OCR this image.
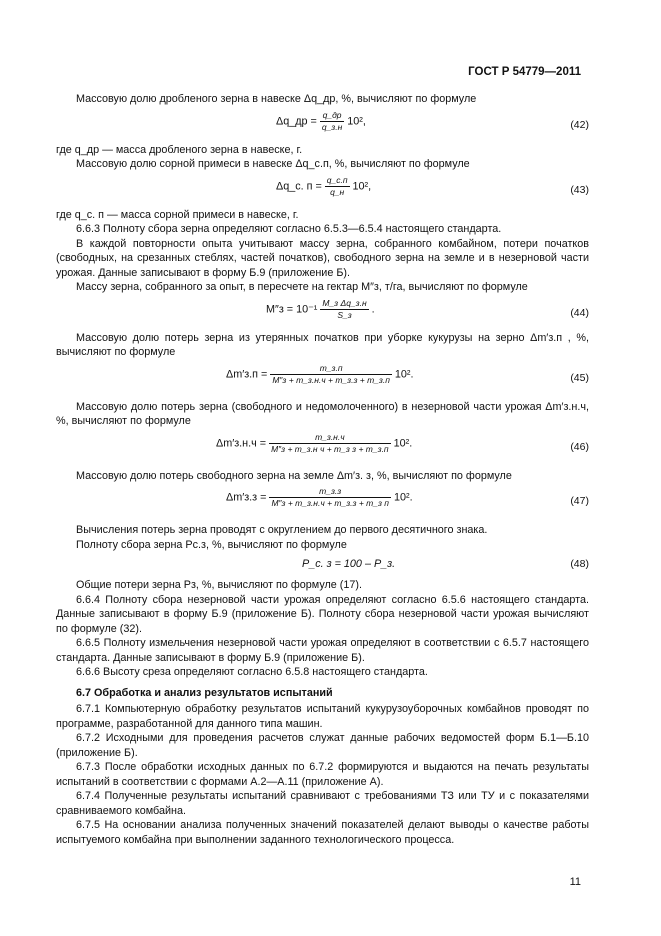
ГОСТ Р 54779—2011

Массовую долю дробленого зерна в навеске Δq_др, %, вычисляют по формуле

Δq_др = $\frac{q\_др}{q\_з.н} 10^2$,	(42)

где q_др — масса дробленого зерна в навеске, г.

Массовую долю сорной примеси в навеске Δq_с.п, %, вычисляют по формуле

Δq_с. $п = \frac{q\_с.п}{q\_н} 10^2$,	(43)

где q_с. п — масса сорной примеси в навеске, г.

6.6.3 Полноту сбора зерна определяют согласно 6.5.3—6.5.4 настоящего стандарта.

В каждой повторности опыта учитывают массу зерна, собранного комбайном, потери початков (свободных, на срезанных стеблях, частей початков), свободного зерна на земле и в незерновой части урожая. Данные записывают в форму Б.9 (приложение Б).

Массу зерна, собранного за опыт, в пересчете на гектар M″з, т/га, вычисляют по формуле

$M''з = 10^{-1} \frac{\text{M\_з Δq\_з.н}}{S\_з}$ .	(44)

Массовую долю потерь зерна из утерянных початков при уборке кукурузы на зерно Δm′з.п , %, вычисляют по формуле

$\Delta m'з.п = \frac{m\_з.п}{M''з + m\_з.н.ч + m\_з.з + m\_з.п} 10^2$.	(45)

Массовую долю потерь зерна (свободного и недомолоченного) в незерновой части урожая Δm′з.н.ч, %, вычисляют по формуле

$\Delta m'з.н.ч = \frac{m\_з.н.ч}{\text{M″з + m\_з.н ч + m\_з з + m\_з.п}} 10^2$.	(46)

Массовую долю потерь свободного зерна на земле Δm′з. з, %, вычисляют по формуле

$\Delta m'з.з = \frac{m\_з.з}{\text{M″з + m\_з.н.ч + m\_з.з + m\_з п}} 10^2$.	(47)

Вычисления потерь зерна проводят с округлением до первого десятичного знака.

Полноту сбора зерна Pс.з, %, вычисляют по формуле

P_с. з = 100 – P_з.	(48)

Общие потери зерна Pз, %, вычисляют по формуле (17).

6.6.4 Полноту сбора незерновой части урожая определяют согласно 6.5.6 настоящего стандарта. Данные записывают в форму Б.9 (приложение Б). Полноту сбора незерновой части урожая вычисляют по формуле (32).

6.6.5 Полноту измельчения незерновой части урожая определяют в соответствии с 6.5.7 настоящего стандарта. Данные записывают в форму Б.9 (приложение Б).

6.6.6 Высоту среза определяют согласно 6.5.8 настоящего стандарта.

6.7 Обработка и анализ результатов испытаний

6.7.1 Компьютерную обработку результатов испытаний кукурузоуборочных комбайнов проводят по программе, разработанной для данного типа машин.

6.7.2 Исходными для проведения расчетов служат данные рабочих ведомостей форм Б.1—Б.10 (приложение Б).

6.7.3 После обработки исходных данных по 6.7.2 формируются и выдаются на печать результаты испытаний в соответствии с формами А.2—А.11 (приложение А).

6.7.4 Полученные результаты испытаний сравнивают с требованиями ТЗ или ТУ и с показателями сравниваемого комбайна.

6.7.5 На основании анализа полученных значений показателей делают выводы о качестве работы испытуемого комбайна при выполнении заданного технологического процесса.

11
